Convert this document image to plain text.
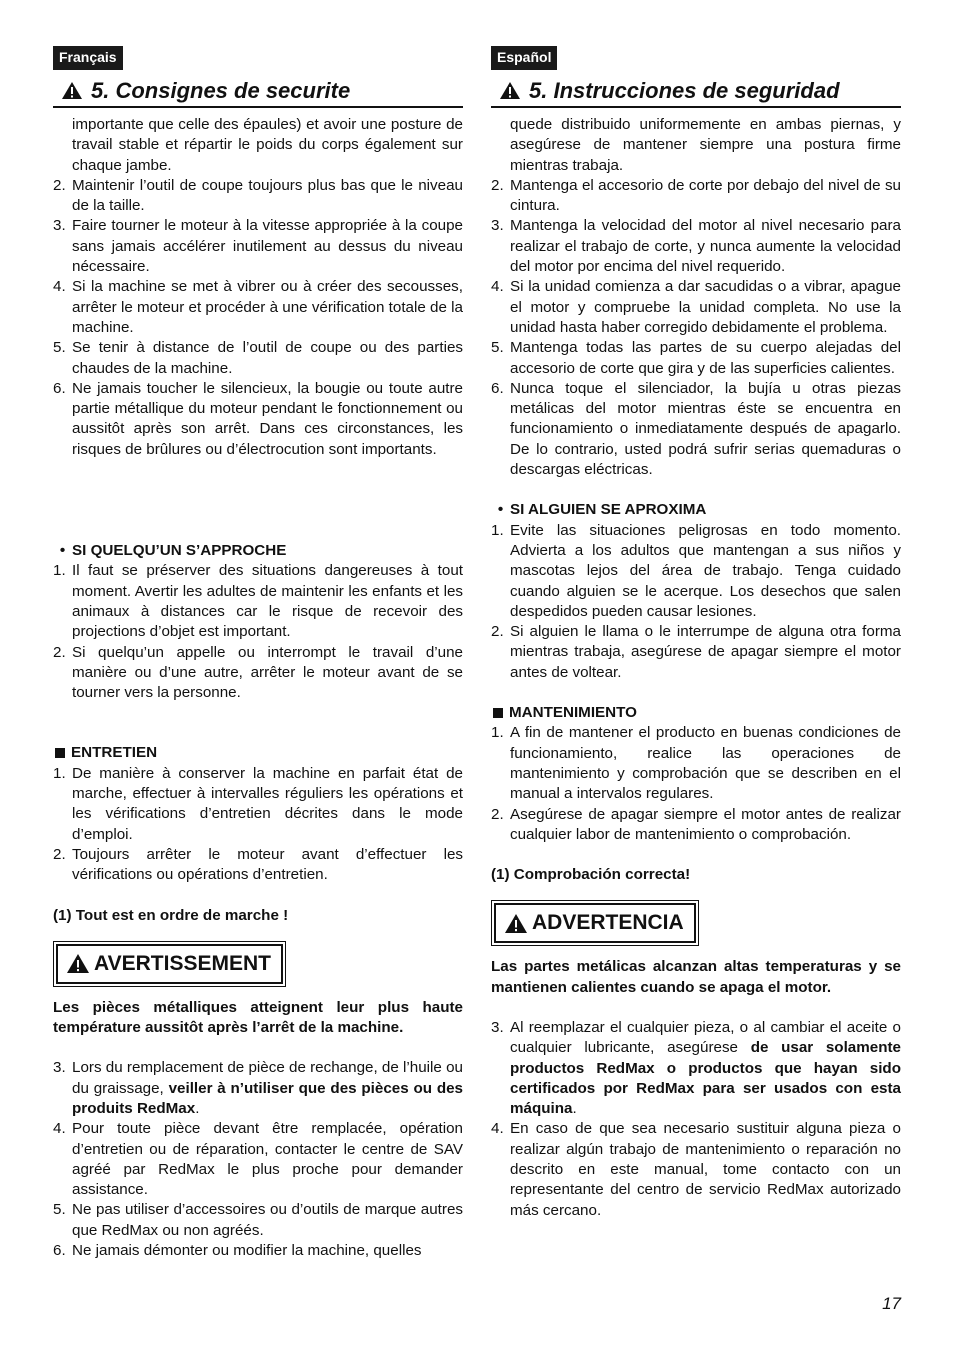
Français
5. Consignes de securite

importante que celle des épaules) et avoir une posture de travail stable et répartir le poids du corps également sur chaque jambe.

2. Maintenir l’outil de coupe toujours plus bas que le niveau de la taille.
3. Faire tourner le moteur à la vitesse appropriée à la coupe sans jamais accélérer inutilement au dessus du niveau nécessaire.
4. Si la machine se met à vibrer ou à créer des secousses, arrêter le moteur et procéder à une vérification totale de la machine.
5. Se tenir à distance de l’outil de coupe ou des parties chaudes de la machine.
6. Ne jamais toucher le silencieux, la bougie ou toute autre partie métallique du moteur pendant le fonctionnement ou aussitôt après son arrêt. Dans ces circonstances, les risques de brûlures ou d’électrocution sont importants.
• SI QUELQU’UN S’APPROCHE
1. Il faut se préserver des situations dangereuses à tout moment. Avertir les adultes de maintenir les enfants et les animaux à distances car le risque de recevoir des projections d’objet est important.
2. Si quelqu’un appelle ou interrompt le travail d’une manière ou d’une autre, arrêter le moteur avant de se tourner vers la personne.
ENTRETIEN
1. De manière à conserver la machine en parfait état de marche, effectuer à intervalles réguliers les opérations et les vérifications d’entretien décrites dans le mode d’emploi.
2. Toujours arrêter le moteur avant d’effectuer les vérifications ou opérations d’entretien.

(1) Tout est en ordre de marche !

AVERTISSEMENT

Les pièces métalliques atteignent leur plus haute température aussitôt après l’arrêt de la machine.

3. Lors du remplacement de pièce de rechange, de l’huile ou du graissage, veiller à n’utiliser que des pièces ou des produits RedMax.
4. Pour toute pièce devant être remplacée, opération d’entretien ou de réparation, contacter le centre de SAV agréé par RedMax le plus proche pour demander assistance.
5. Ne pas utiliser d’accessoires ou d’outils de marque autres que RedMax ou non agréés.
6. Ne jamais démonter ou modifier la machine, quelles
Español
5. Instrucciones de seguridad

quede distribuido uniformemente en ambas piernas, y asegúrese de mantener siempre una postura firme mientras trabaja.

2. Mantenga el accesorio de corte por debajo del nivel de su cintura.
3. Mantenga la velocidad del motor al nivel necesario para realizar el trabajo de corte, y nunca aumente la velocidad del motor por encima del nivel requerido.
4. Si la unidad comienza a dar sacudidas o a vibrar, apague el motor y compruebe la unidad completa. No use la unidad hasta haber corregido debidamente el problema.
5. Mantenga todas las partes de su cuerpo alejadas del accesorio de corte que gira y de las superficies calientes.
6. Nunca toque el silenciador, la bujía u otras piezas metálicas del motor mientras éste se encuentra en funcionamiento o inmediatamente después de apagarlo. De lo contrario, usted podrá sufrir serias quemaduras o descargas eléctricas.
• SI ALGUIEN SE APROXIMA
1. Evite las situaciones peligrosas en todo momento. Advierta a los adultos que mantengan a sus niños y mascotas lejos del área de trabajo. Tenga cuidado cuando alguien se le acerque. Los desechos que salen despedidos pueden causar lesiones.
2. Si alguien le llama o le interrumpe de alguna otra forma mientras trabaja, asegúrese de apagar siempre el motor antes de voltear.
MANTENIMIENTO
1. A fin de mantener el producto en buenas condiciones de funcionamiento, realice las operaciones de mantenimiento y comprobación que se describen en el manual a intervalos regulares.
2. Asegúrese de apagar siempre el motor antes de realizar cualquier labor de mantenimiento o comprobación.

(1) Comprobación correcta!

ADVERTENCIA

Las partes metálicas alcanzan altas temperaturas y se mantienen calientes cuando se apaga el motor.

3. Al reemplazar el cualquier pieza, o al cambiar el aceite o cualquier lubricante, asegúrese de usar solamente productos RedMax o productos que hayan sido certificados por RedMax para ser usados con esta máquina.
4. En caso de que sea necesario sustituir alguna pieza o realizar algún trabajo de mantenimiento o reparación no descrito en este manual, tome contacto con un representante del centro de servicio RedMax autorizado más cercano.
17
